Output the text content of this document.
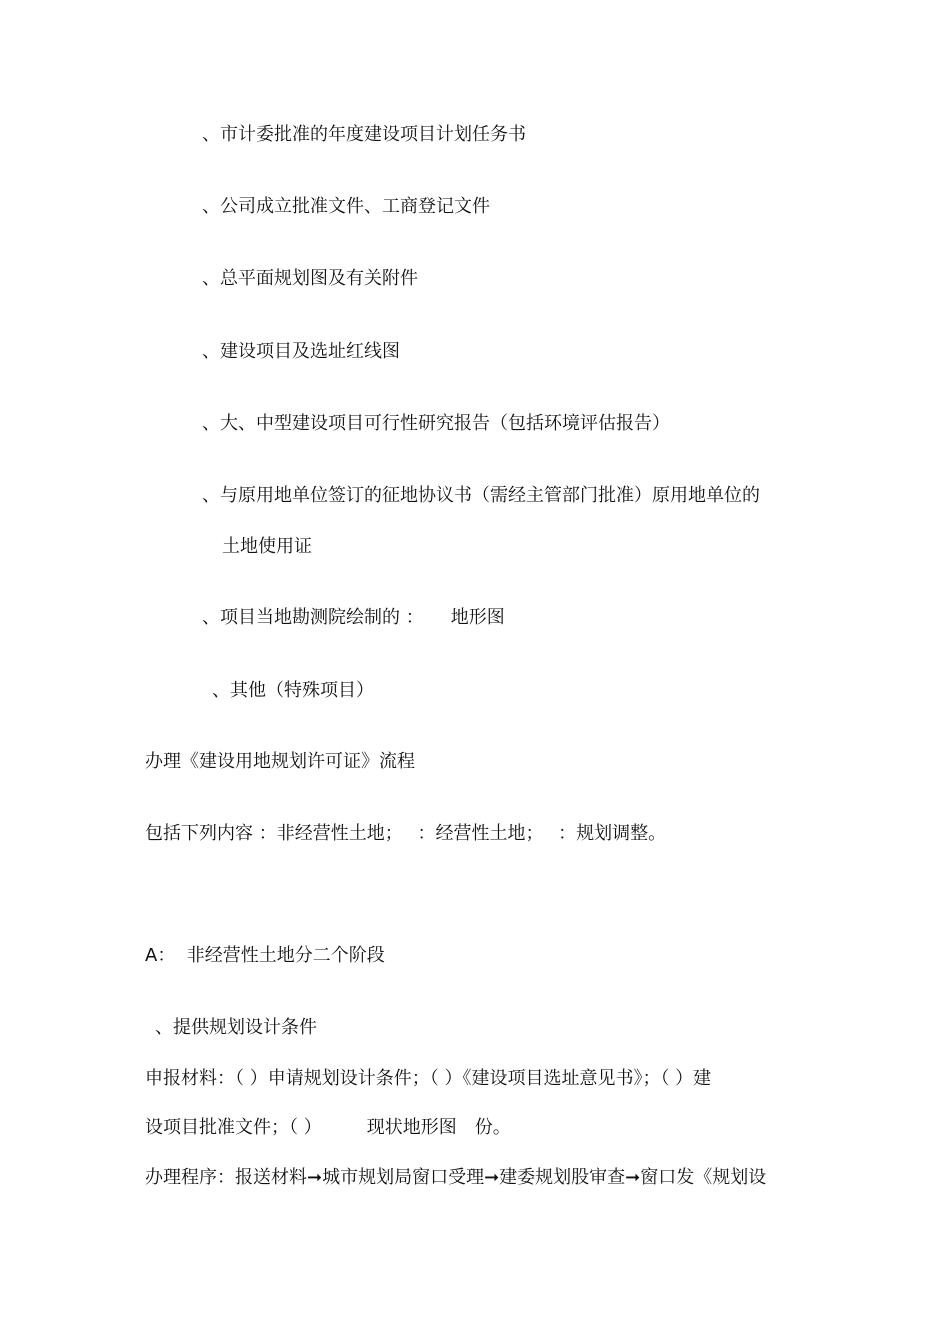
、市计委批准的年度建设项目计划任务书
、公司成立批准文件、工商登记文件
、总平面规划图及有关附件
、建设项目及选址红线图
、大、中型建设项目可行性研究报告（包括环境评估报告）
、与原用地单位签订的征地协议书（需经主管部门批准）原用地单位的
土地使用证
、项目当地勘测院绘制的 ：　　地形图
、其他（特殊项目）
办理《建设用地规划许可证》流程
包括下列内容 ：非经营性土地；　 ：经营性土地；　 ：规划调整。
A：  非经营性土地分二个阶段
、提供规划设计条件
申报材料：（ ）申请规划设计条件；（ ）《建设项目选址意见书》；（ ）建
设项目批准文件；（ ）　　　现状地形图　份。
办理程序：报送材料➞城市规划局窗口受理➞建委规划股审查➞窗口发《规划设
